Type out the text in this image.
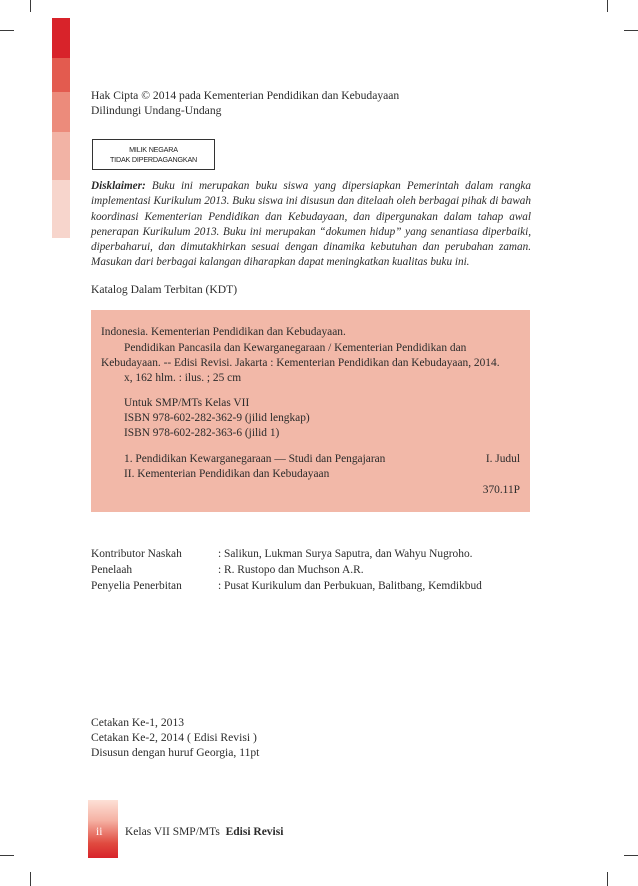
Hak Cipta © 2014 pada Kementerian Pendidikan dan Kebudayaan
Dilindungi Undang-Undang
MILIK NEGARA
TIDAK DIPERDAGANGKAN
Disklaimer: Buku ini merupakan buku siswa yang dipersiapkan Pemerintah dalam rangka
implementasi Kurikulum 2013. Buku siswa ini disusun dan ditelaah oleh berbagai pihak di bawah
koordinasi Kementerian Pendidikan dan Kebudayaan, dan dipergunakan dalam tahap awal
penerapan Kurikulum 2013. Buku ini merupakan “dokumen hidup” yang senantiasa diperbaiki,
diperbaharui, dan dimutakhirkan sesuai dengan dinamika kebutuhan dan perubahan zaman.
Masukan dari berbagai kalangan diharapkan dapat meningkatkan kualitas buku ini.
Katalog Dalam Terbitan (KDT)
Indonesia. Kementerian Pendidikan dan Kebudayaan.
Pendidikan Pancasila dan Kewarganegaraan / Kementerian Pendidikan dan
Kebudayaan. -- Edisi Revisi. Jakarta : Kementerian Pendidikan dan Kebudayaan, 2014.
x, 162 hlm. : ilus. ; 25 cm
Untuk SMP/MTs Kelas VII
ISBN 978-602-282-362-9 (jilid lengkap)
ISBN 978-602-282-363-6 (jilid 1)
1. Pendidikan Kewarganegaraan — Studi dan Pengajaran	I. Judul
II. Kementerian Pendidikan dan Kebudayaan
370.11P
Kontributor Naskah	: Salikun, Lukman Surya Saputra, dan Wahyu Nugroho.
Penelaah	: R. Rustopo dan Muchson A.R.
Penyelia Penerbitan	: Pusat Kurikulum dan Perbukuan, Balitbang, Kemdikbud
Cetakan Ke-1, 2013
Cetakan Ke-2, 2014 ( Edisi Revisi )
Disusun dengan huruf Georgia, 11pt
ii Kelas VII SMP/MTs Edisi Revisi
